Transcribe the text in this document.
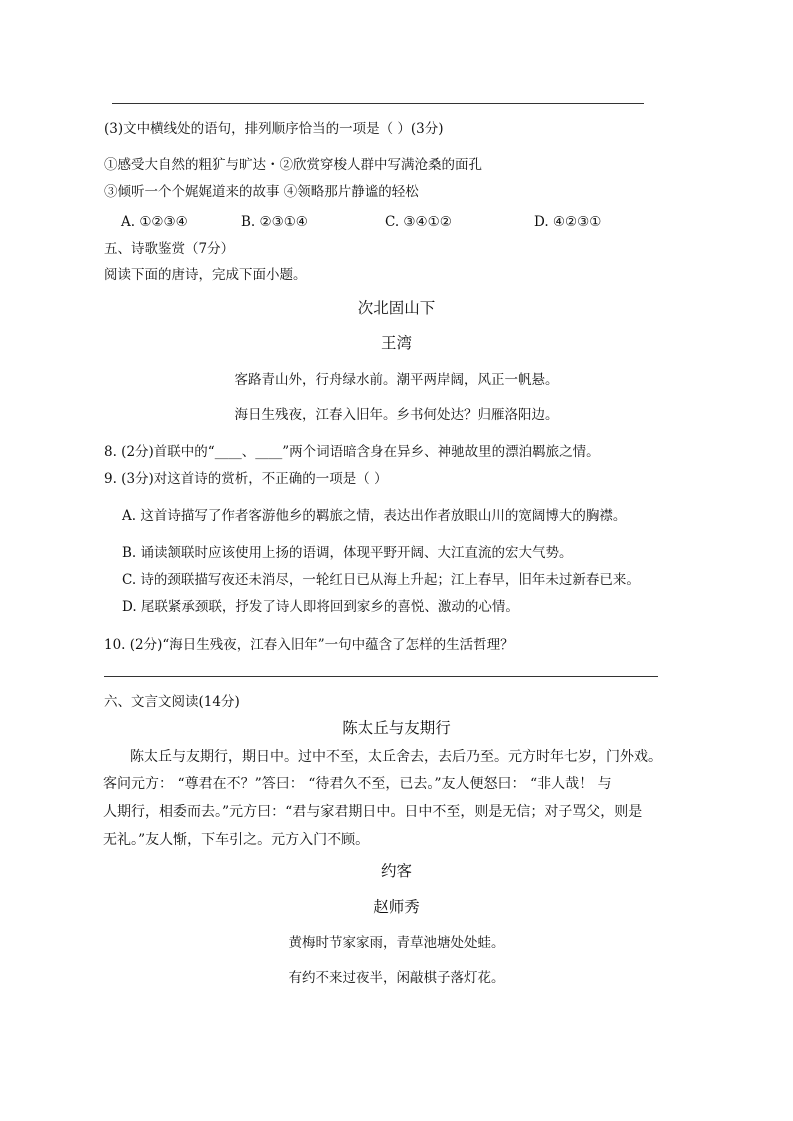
(3)文中横线处的语句，排列顺序恰当的一项是（ ）(3分)
①感受大自然的粗犷与旷达・②欣赏穿梭人群中写满沧桑的面孔
③倾听一个个娓娓道来的故事 ④领略那片静谧的轻松
A. ①②③④	B. ②③①④	C. ③④①②	D. ④②③①
五、诗歌鉴赏（7分）
阅读下面的唐诗，完成下面小题。
次北固山下
王湾
客路青山外，行舟绿水前。潮平两岸阔，风正一帆悬。
海日生残夜，江春入旧年。乡书何处达？归雁洛阳边。
8. (2分)首联中的“____、____”两个词语暗含身在异乡、神驰故里的漂泊羁旅之情。
9. (3分)对这首诗的赏析，不正确的一项是（ ）
A. 这首诗描写了作者客游他乡的羁旅之情，表达出作者放眼山川的宽阔博大的胸襟。
B. 诵读颔联时应该使用上扬的语调，体现平野开阔、大江直流的宏大气势。
C. 诗的颈联描写夜还未消尽，一轮红日已从海上升起；江上春早，旧年未过新春已来。
D. 尾联紧承颈联，抒发了诗人即将回到家乡的喜悦、激动的心情。
10. (2分)“海日生残夜，江春入旧年”一句中蕴含了怎样的生活哲理？
六、文言文阅读(14分)
陈太丘与友期行
陈太丘与友期行，期日中。过中不至，太丘舍去，去后乃至。元方时年七岁，门外戏。
客问元方： “尊君在不？”答曰： “待君久不至，已去。”友人便怒曰： “非人哉！ 与
人期行，相委而去。”元方曰：“君与家君期日中。日中不至，则是无信；对子骂父，则是
无礼。”友人惭，下车引之。元方入门不顾。
约客
赵师秀
黄梅时节家家雨，青草池塘处处蛙。
有约不来过夜半，闲敲棋子落灯花。
